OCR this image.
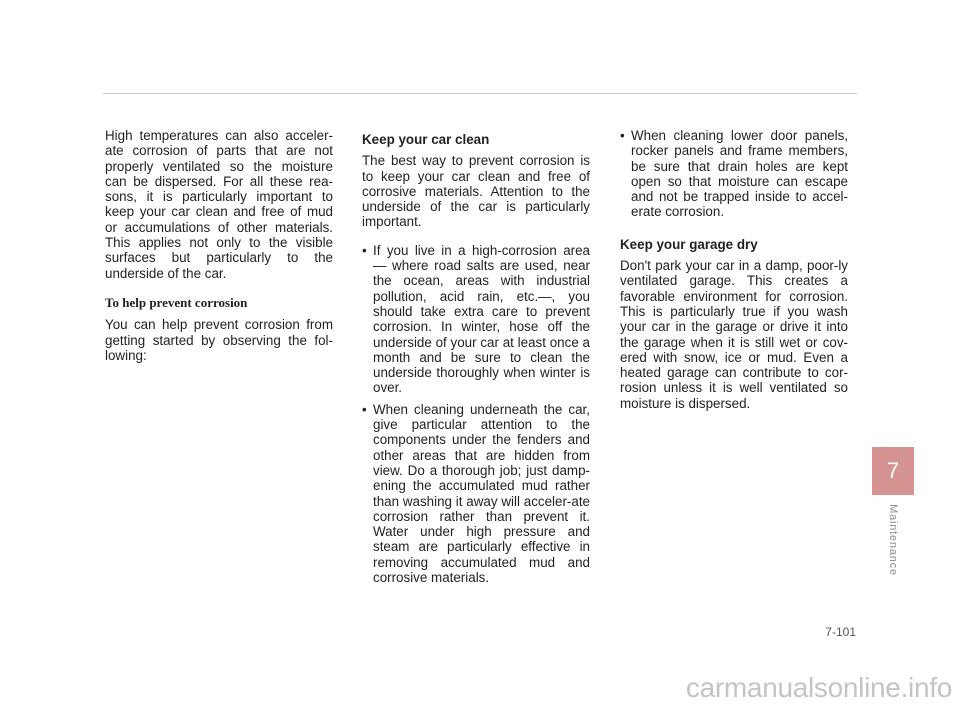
High temperatures can also acceler-ate corrosion of parts that are not properly ventilated so the moisture can be dispersed. For all these rea-sons, it is particularly important to keep your car clean and free of mud or accumulations of other materials. This applies not only to the visible surfaces but particularly to the underside of the car.

To help prevent corrosion

You can help prevent corrosion from getting started by observing the fol-lowing:

Keep your car clean

The best way to prevent corrosion is to keep your car clean and free of corrosive materials. Attention to the underside of the car is particularly important.

• If you live in a high-corrosion area — where road salts are used, near the ocean, areas with industrial pollution, acid rain, etc.—, you should take extra care to prevent corrosion. In winter, hose off the underside of your car at least once a month and be sure to clean the underside thoroughly when winter is over.

• When cleaning underneath the car, give particular attention to the components under the fenders and other areas that are hidden from view. Do a thorough job; just damp-ening the accumulated mud rather than washing it away will acceler-ate corrosion rather than prevent it. Water under high pressure and steam are particularly effective in removing accumulated mud and corrosive materials.

• When cleaning lower door panels, rocker panels and frame members, be sure that drain holes are kept open so that moisture can escape and not be trapped inside to accel-erate corrosion.

Keep your garage dry

Don't park your car in a damp, poor-ly ventilated garage. This creates a favorable environment for corrosion. This is particularly true if you wash your car in the garage or drive it into the garage when it is still wet or cov-ered with snow, ice or mud. Even a heated garage can contribute to cor-rosion unless it is well ventilated so moisture is dispersed.

7
Maintenance
7-101
carmanualsonline.info
